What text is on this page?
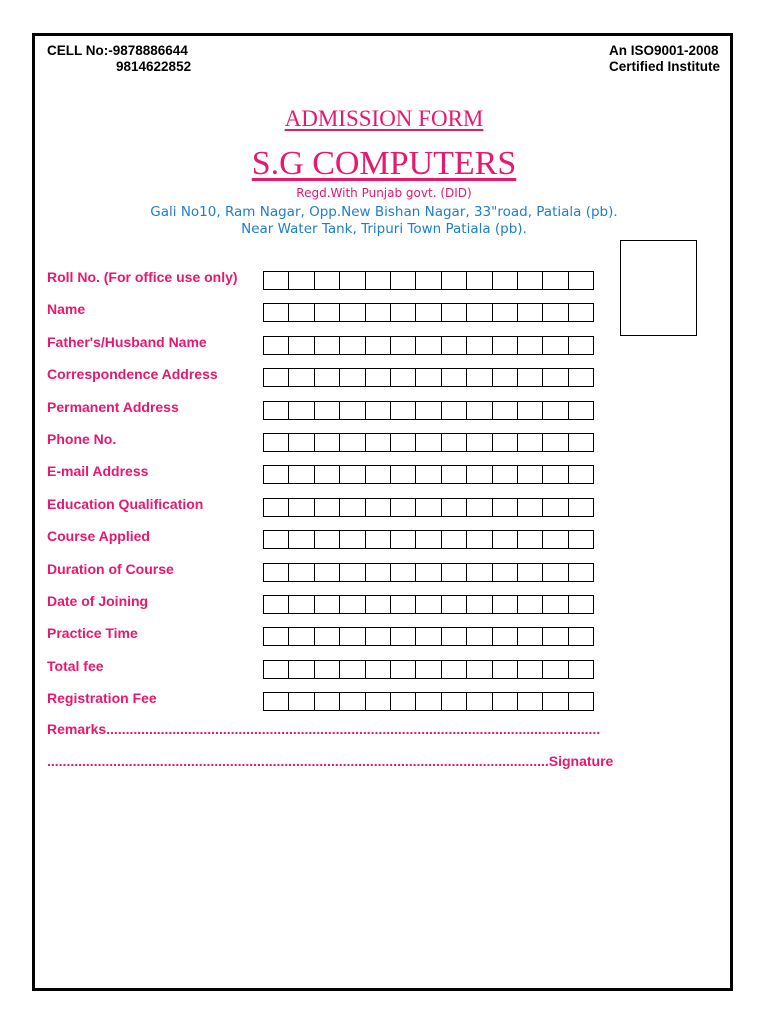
CELL No:-9878886644
9814622852
An ISO9001-2008
Certified Institute
ADMISSION FORM
S.G COMPUTERS
Regd.With Punjab govt. (DID)
Gali No10, Ram Nagar, Opp.New Bishan Nagar, 33"road, Patiala (pb).
Near Water Tank, Tripuri Town Patiala (pb).
Roll No. (For office use only)
Name
Father's/Husband Name
Correspondence Address
Permanent Address
Phone No.
E-mail Address
Education Qualification
Course Applied
Duration of Course
Date of Joining
Practice Time
Total fee
Registration Fee
Remarks...............................................................................................................................
.................................................................................................................................Signature
